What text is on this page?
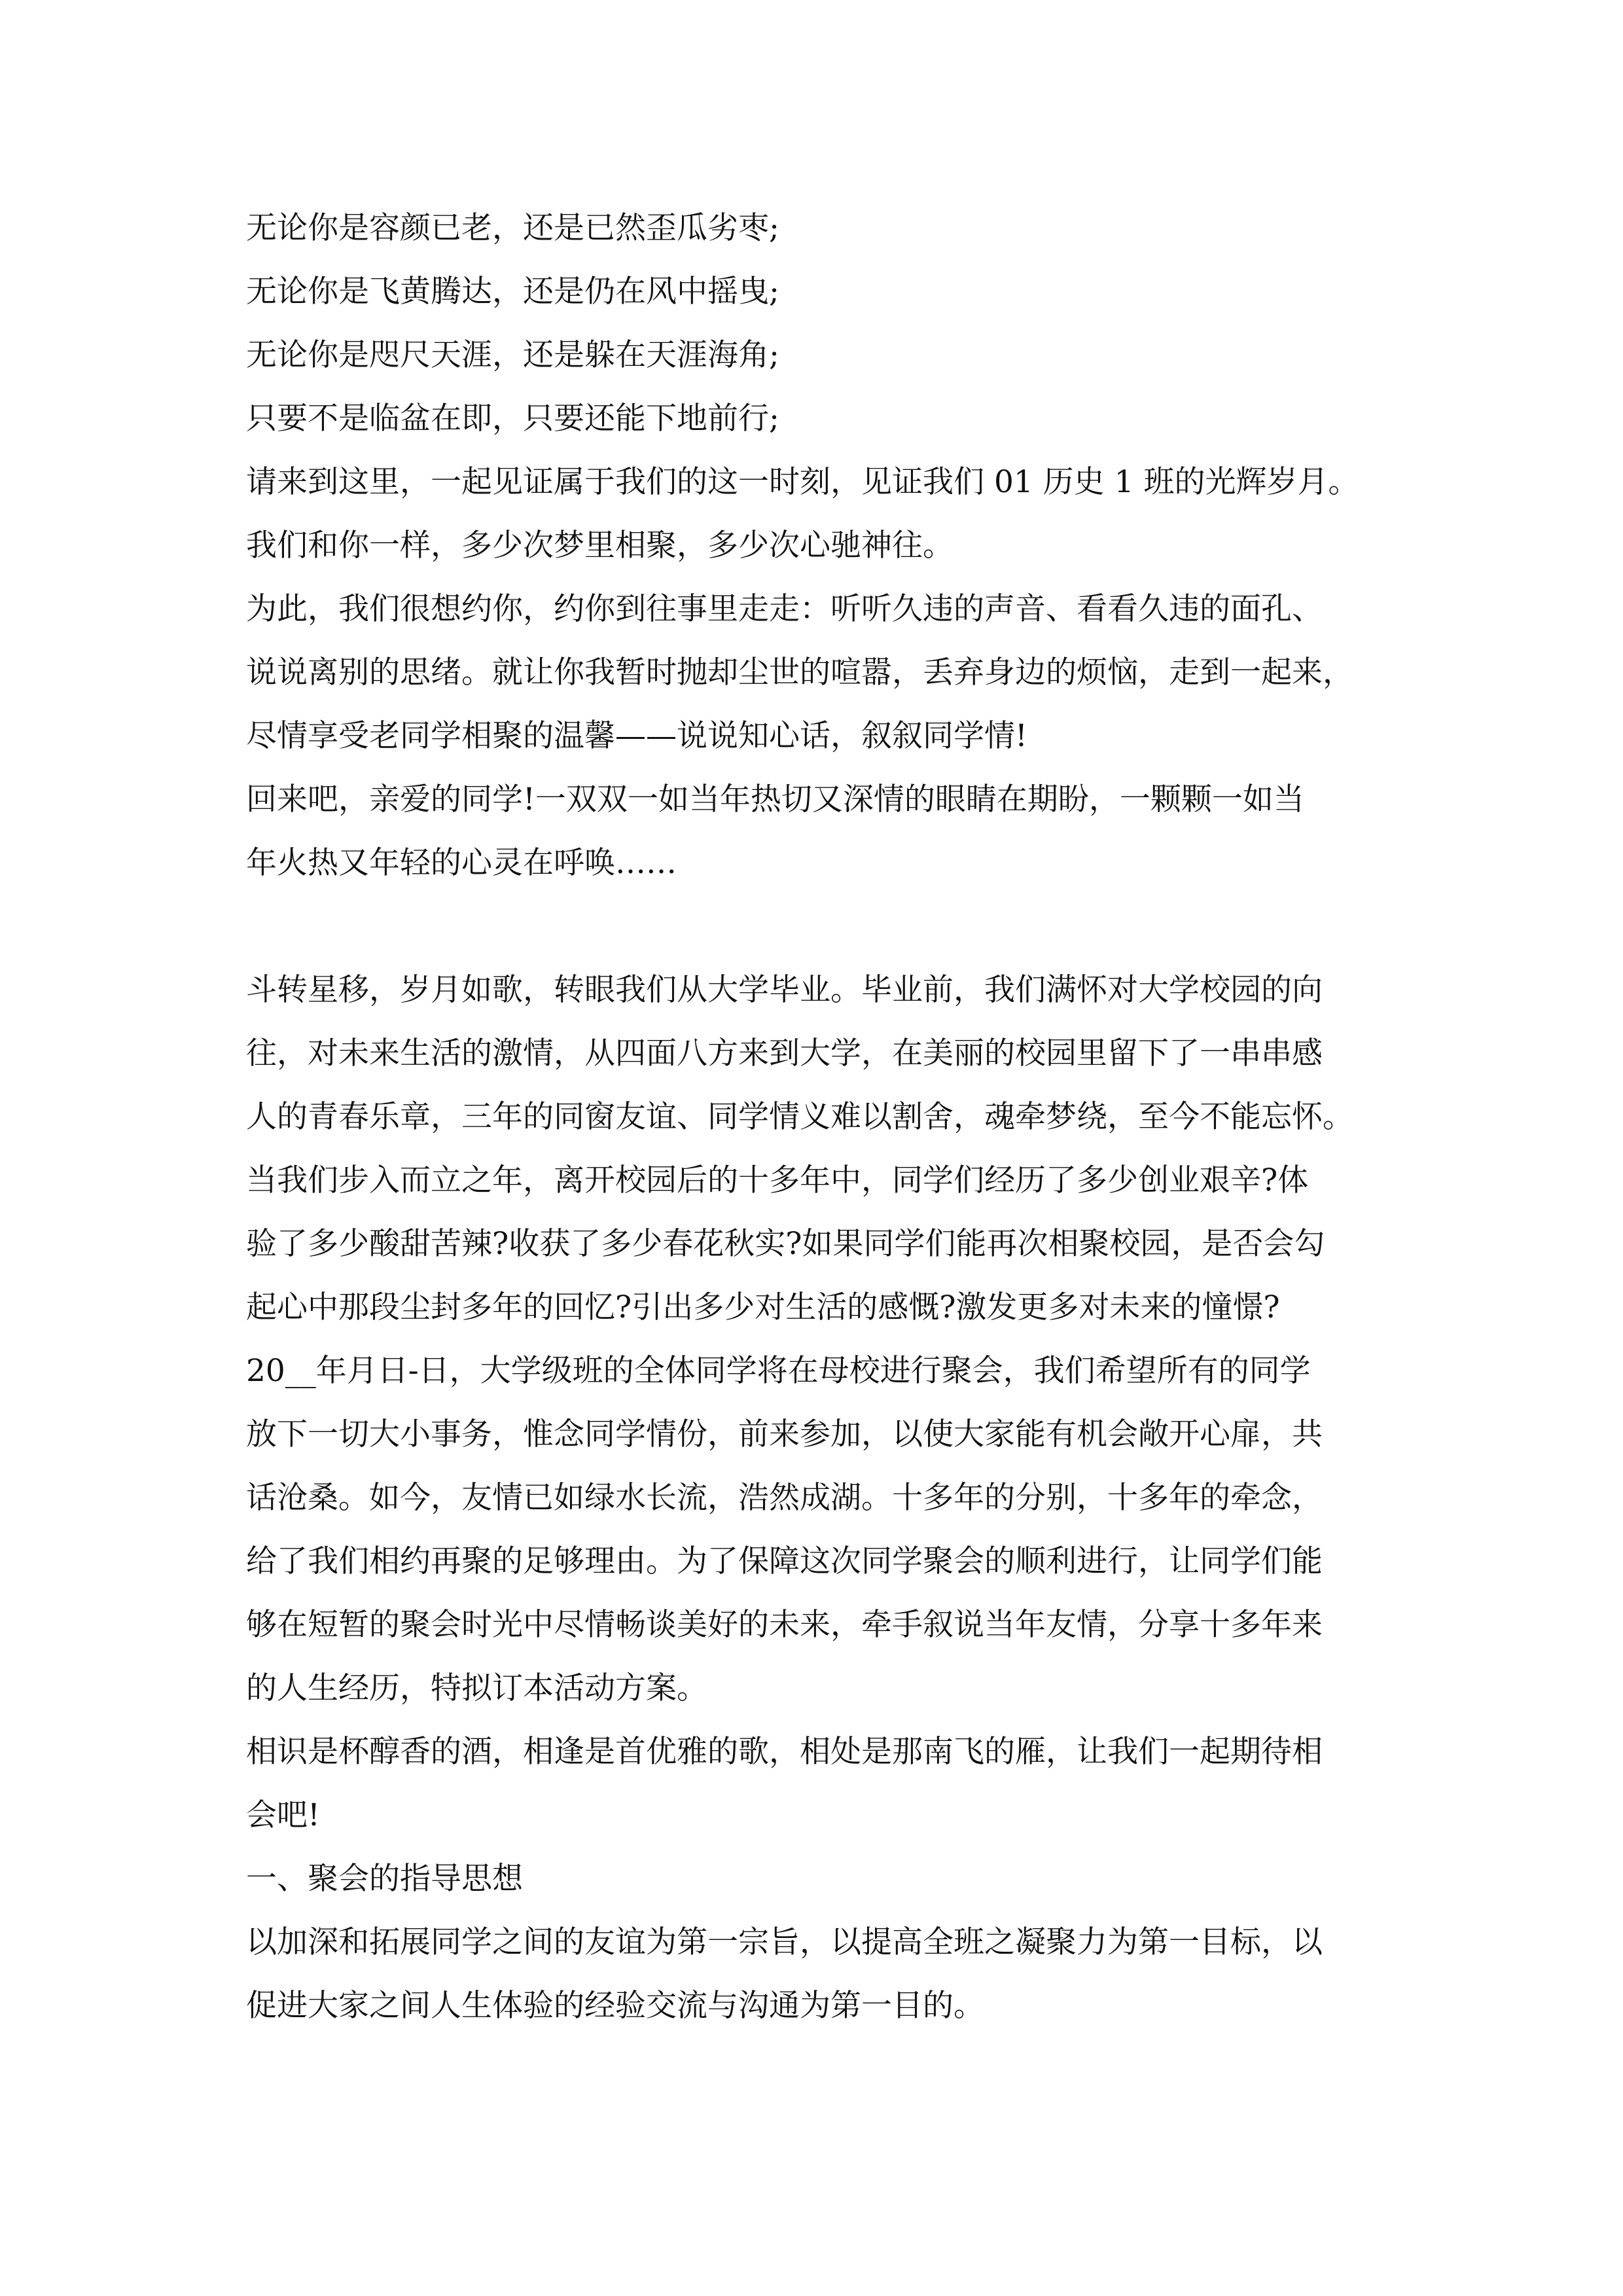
无论你是容颜已老，还是已然歪瓜劣枣;
无论你是飞黄腾达，还是仍在风中摇曳;
无论你是咫尺天涯，还是躲在天涯海角;
只要不是临盆在即，只要还能下地前行;
请来到这里，一起见证属于我们的这一时刻，见证我们 01 历史 1 班的光辉岁月。
我们和你一样，多少次梦里相聚，多少次心驰神往。
为此，我们很想约你，约你到往事里走走：听听久违的声音、看看久违的面孔、
说说离别的思绪。就让你我暂时抛却尘世的喧嚣，丢弃身边的烦恼，走到一起来，
尽情享受老同学相聚的温馨——说说知心话，叙叙同学情!
回来吧，亲爱的同学!一双双一如当年热切又深情的眼睛在期盼，一颗颗一如当
年火热又年轻的心灵在呼唤……
斗转星移，岁月如歌，转眼我们从大学毕业。毕业前，我们满怀对大学校园的向
往，对未来生活的激情，从四面八方来到大学，在美丽的校园里留下了一串串感
人的青春乐章，三年的同窗友谊、同学情义难以割舍，魂牵梦绕，至今不能忘怀。
当我们步入而立之年，离开校园后的十多年中，同学们经历了多少创业艰辛?体
验了多少酸甜苦辣?收获了多少春花秋实?如果同学们能再次相聚校园，是否会勾
起心中那段尘封多年的回忆?引出多少对生活的感慨?激发更多对未来的憧憬?
20__年月日-日，大学级班的全体同学将在母校进行聚会，我们希望所有的同学
放下一切大小事务，惟念同学情份，前来参加，以使大家能有机会敞开心扉，共
话沧桑。如今，友情已如绿水长流，浩然成湖。十多年的分别，十多年的牵念，
给了我们相约再聚的足够理由。为了保障这次同学聚会的顺利进行，让同学们能
够在短暂的聚会时光中尽情畅谈美好的未来，牵手叙说当年友情，分享十多年来
的人生经历，特拟订本活动方案。
相识是杯醇香的酒，相逢是首优雅的歌，相处是那南飞的雁，让我们一起期待相
会吧!
一、聚会的指导思想
以加深和拓展同学之间的友谊为第一宗旨，以提高全班之凝聚力为第一目标，以
促进大家之间人生体验的经验交流与沟通为第一目的。
